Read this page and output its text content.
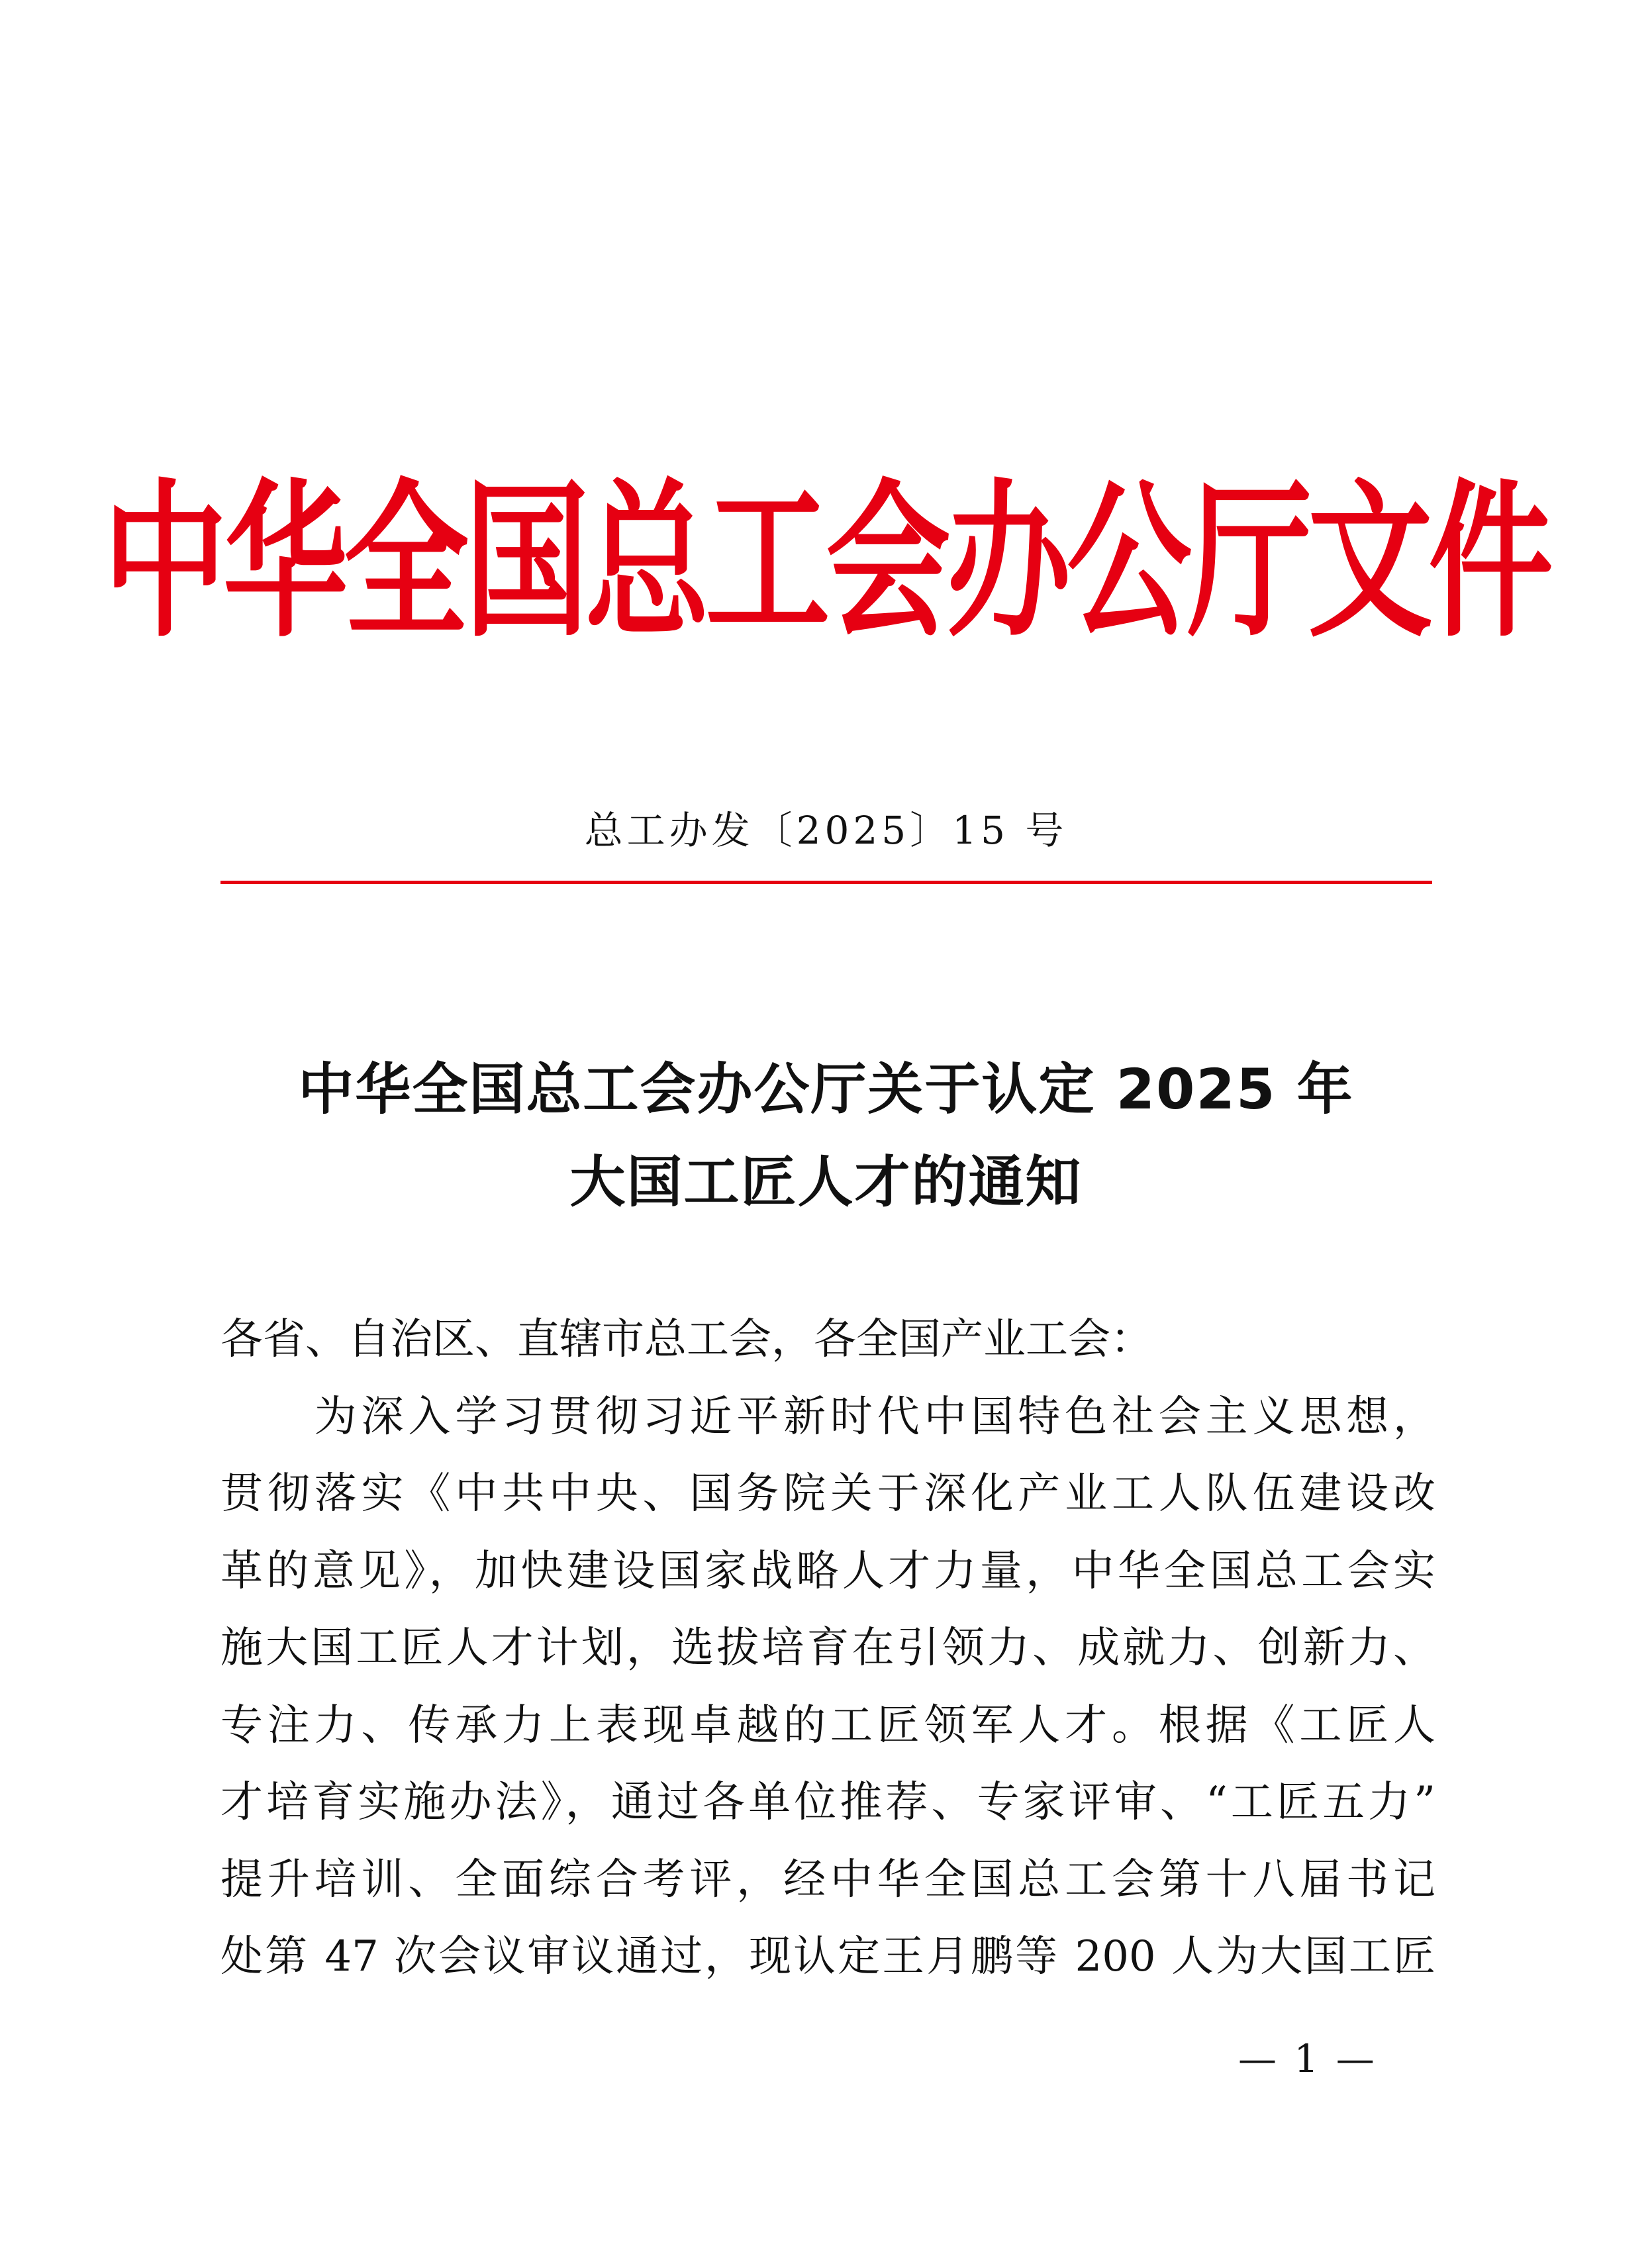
中华全国总工会办公厅文件
总工办发〔2025〕15 号
中华全国总工会办公厅关于认定 2025 年
大国工匠人才的通知
各省、自治区、直辖市总工会，各全国产业工会：
　　为深入学习贯彻习近平新时代中国特色社会主义思想，
贯彻落实《中共中央、国务院关于深化产业工人队伍建设改
革的意见》，加快建设国家战略人才力量，中华全国总工会实
施大国工匠人才计划，选拔培育在引领力、成就力、创新力、
专注力、传承力上表现卓越的工匠领军人才。根据《工匠人
才培育实施办法》，通过各单位推荐、专家评审、“工匠五力”
提升培训、全面综合考评，经中华全国总工会第十八届书记
处第 47 次会议审议通过，现认定王月鹏等 200 人为大国工匠
— 1 —
